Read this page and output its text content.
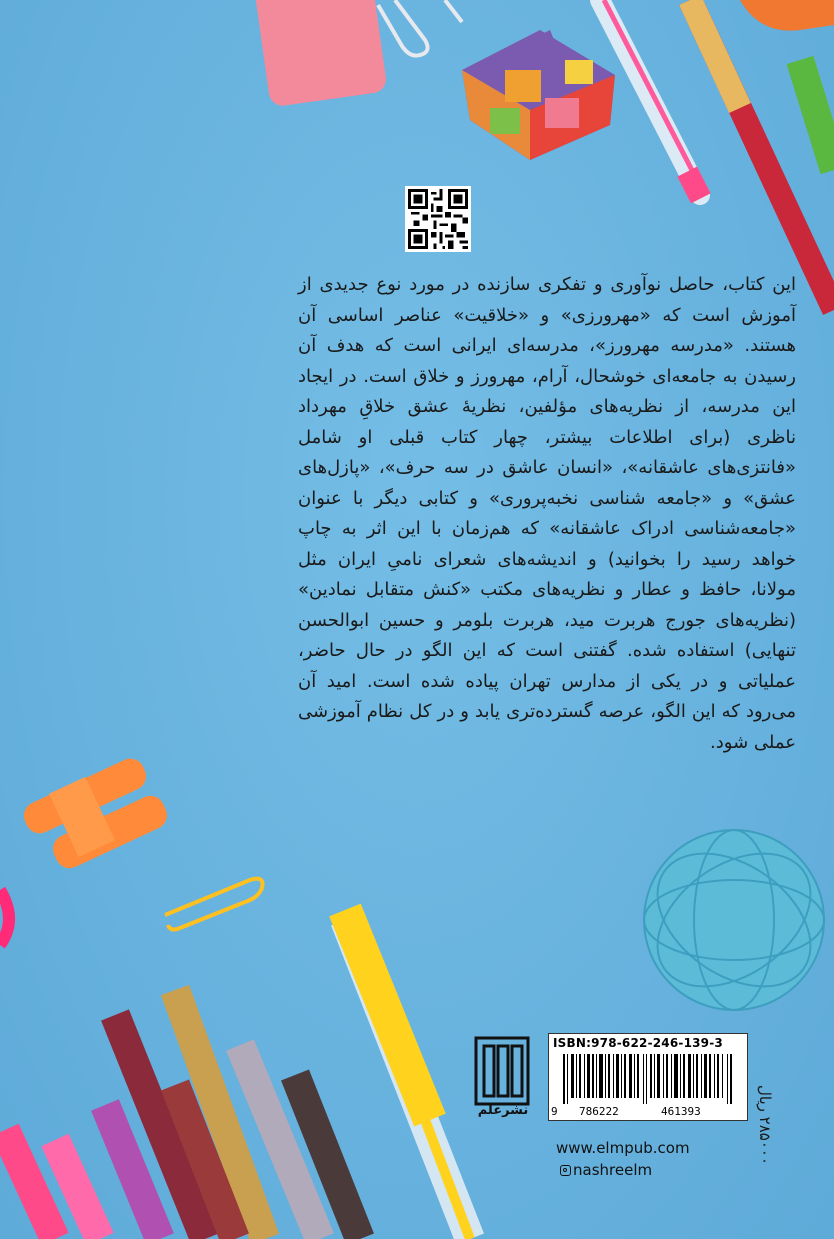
این کتاب، حاصل نوآوری و تفکری سازنده در مورد نوع جدیدی از آموزش است که «مهرورزی» و «خلاقیت» عناصر اساسی آن هستند. «مدرسه مهرورز»، مدرسه‌ای ایرانی است که هدف آن رسیدن به جامعه‌ای خوشحال، آرام، مهرورز و خلاق است. در ایجاد این مدرسه، از نظریه‌های مؤلفین، نظریهٔ عشق خلاقِ مهرداد ناظری (برای اطلاعات بیشتر، چهار کتاب قبلی او شامل «فانتزی‌های عاشقانه»، «انسان عاشق در سه حرف»، «پازل‌های عشق» و «جامعه شناسی نخبه‌پروری» و کتابی دیگر با عنوان «جامعه‌شناسی ادراک عاشقانه» که هم‌زمان با این اثر به چاپ خواهد رسید را بخوانید) و اندیشه‌های شعرای نامیِ ایران مثل مولانا، حافظ و عطار و نظریه‌های مکتب «کنش متقابل نمادین» (نظریه‌های جورج هربرت مید، هربرت بلومر و حسین ابوالحسن تنهایی) استفاده شده. گفتنی است که این الگو در حال حاضر، عملیاتی و در یکی از مدارس تهران پیاده شده است. امید آن می‌رود که این الگو، عرصه گسترده‌تری یابد و در کل نظام آموزشی عملی شود.

نشرعلم
ISBN:978-622-246-139-3
9 786222	461393	۲۸۵۰۰۰ ریال
www.elmpub.com
nashreelm
